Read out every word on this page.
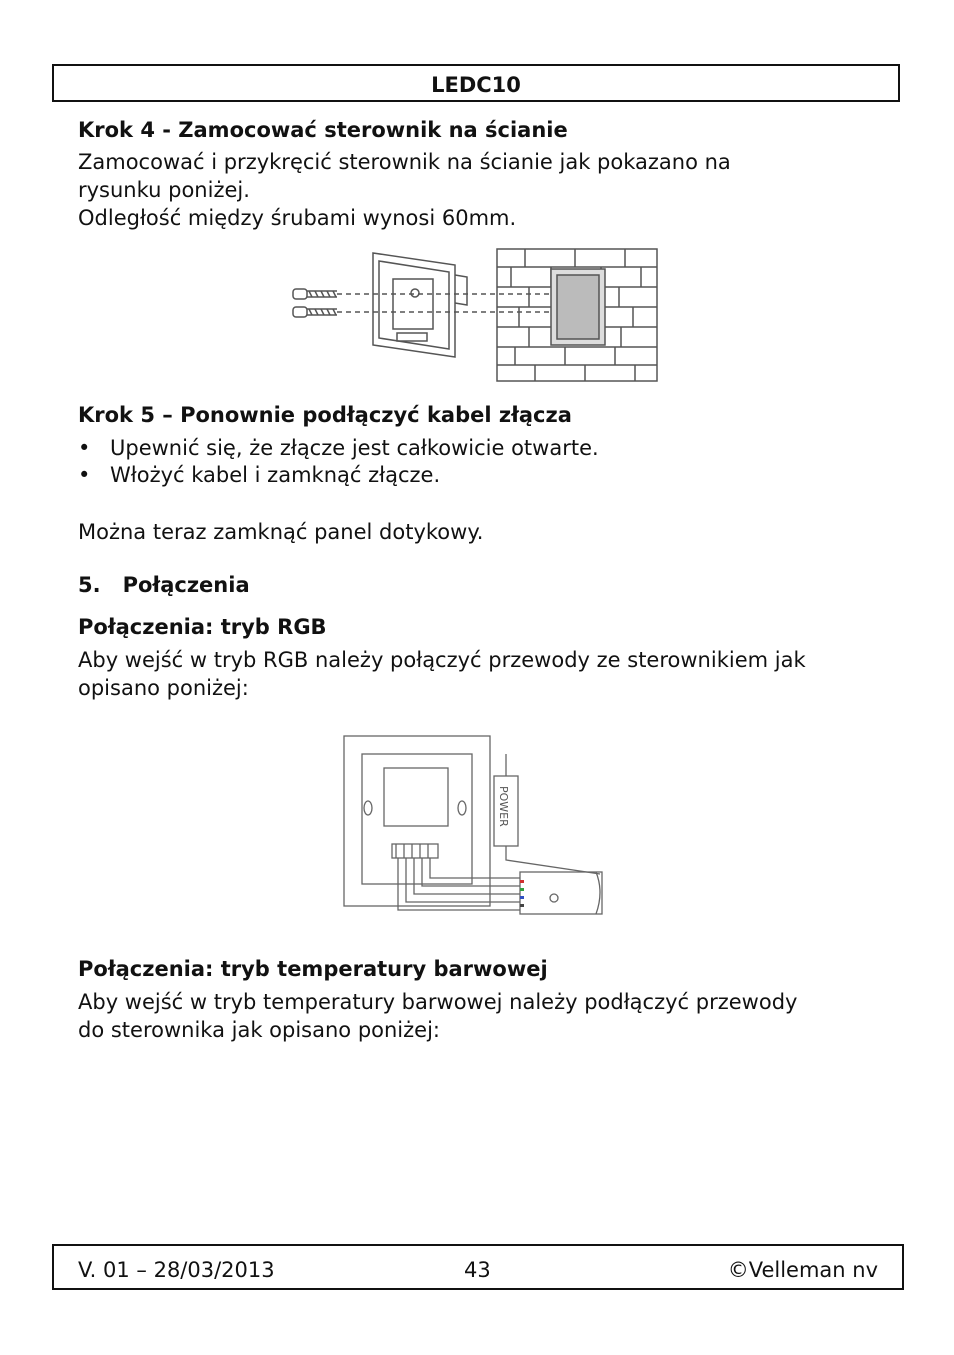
LEDC10
Krok 4 - Zamocować sterownik na ścianie
Zamocować i przykręcić sterownik na ścianie jak pokazano na
rysunku poniżej.
Odległość między śrubami wynosi 60mm.
Krok 5 – Ponownie podłączyć kabel złącza
• Upewnić się, że złącze jest całkowicie otwarte.
• Włożyć kabel i zamknąć złącze.
Można teraz zamknąć panel dotykowy.
5. Połączenia
Połączenia: tryb RGB
Aby wejść w tryb RGB należy połączyć przewody ze sterownikiem jak
opisano poniżej:
POWER
Połączenia: tryb temperatury barwowej
Aby wejść w tryb temperatury barwowej należy podłączyć przewody
do sterownika jak opisano poniżej:
V. 01 – 28/03/2013	43	©Velleman nv
